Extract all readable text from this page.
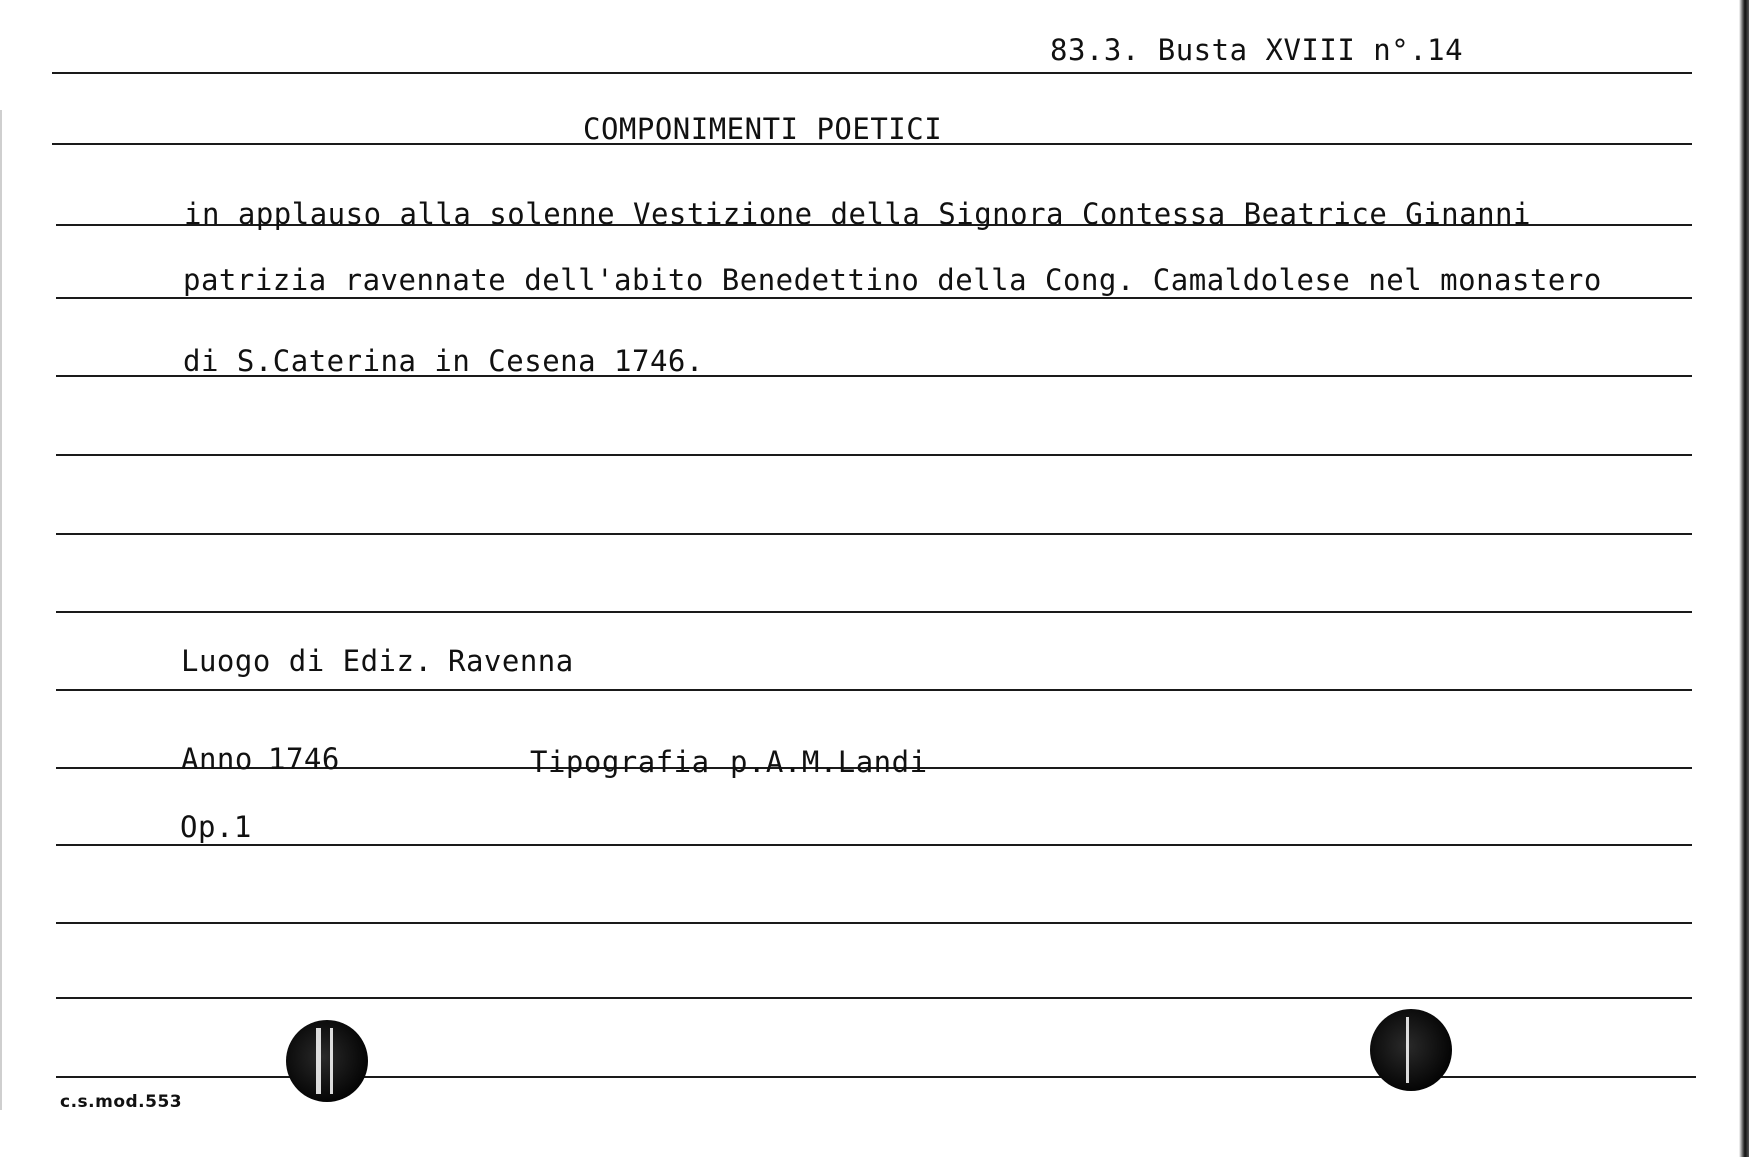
83.3. Busta XVIII n°.14
COMPONIMENTI POETICI
in applauso alla solenne Vestizione della Signora Contessa Beatrice Ginanni
patrizia ravennate dell'abito Benedettino della Cong. Camaldolese nel monastero
di S.Caterina in Cesena 1746.
Luogo di Ediz. Ravenna
Anno 1746	Tipografia p.A.M.Landi
Op.1
c.s.mod.553
